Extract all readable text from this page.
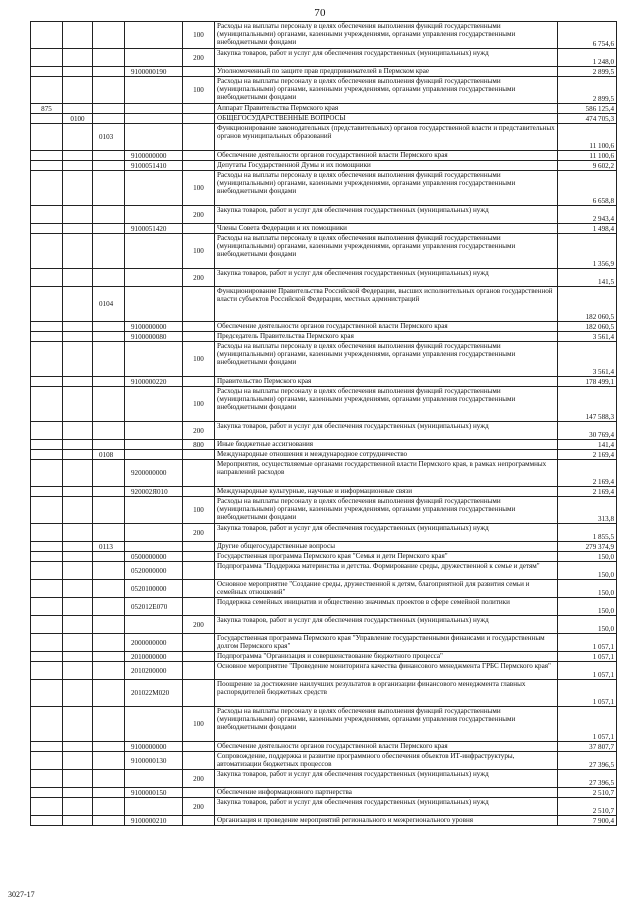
70
				100	Расходы на выплаты персоналу в целях обеспечения выполнения функций государственными (муниципальными) органами, казенными учреждениями, органами управления государственными внебюджетными фондами	6 754,6
				200	Закупка товаров, работ и услуг для обеспечения государственных (муниципальных) нужд	1 248,0
			9100000190		Уполномоченный по защите прав предпринимателей в Пермском крае	2 899,5
				100	Расходы на выплаты персоналу в целях обеспечения выполнения функций государственными (муниципальными) органами, казенными учреждениями, органами управления государственными внебюджетными фондами	2 899,5
875					Аппарат Правительства Пермского края	586 125,4
	0100				ОБЩЕГОСУДАРСТВЕННЫЕ ВОПРОСЫ	474 705,3
		0103			Функционирование законодательных (представительных) органов государственной власти и представительных органов муниципальных образований	11 100,6
			9100000000		Обеспечение деятельности органов государственной власти Пермского края	11 100,6
			9100051410		Депутаты Государственной Думы и их помощники	9 602,2
				100	Расходы на выплаты персоналу в целях обеспечения выполнения функций государственными (муниципальными) органами, казенными учреждениями, органами управления государственными внебюджетными фондами	6 658,8
				200	Закупка товаров, работ и услуг для обеспечения государственных (муниципальных) нужд	2 943,4
			9100051420		Члены Совета Федерации и их помощники	1 498,4
				100	Расходы на выплаты персоналу в целях обеспечения выполнения функций государственными (муниципальными) органами, казенными учреждениями, органами управления государственными внебюджетными фондами	1 356,9
				200	Закупка товаров, работ и услуг для обеспечения государственных (муниципальных) нужд	141,5
		0104			Функционирование Правительства Российской Федерации, высших исполнительных органов государственной власти субъектов Российской Федерации, местных администраций	182 060,5
			9100000000		Обеспечение деятельности органов государственной власти Пермского края	182 060,5
			9100000080		Председатель Правительства Пермского края	3 561,4
				100	Расходы на выплаты персоналу в целях обеспечения выполнения функций государственными (муниципальными) органами, казенными учреждениями, органами управления государственными внебюджетными фондами	3 561,4
			9100000220		Правительство Пермского края	178 499,1
				100	Расходы на выплаты персоналу в целях обеспечения выполнения функций государственными (муниципальными) органами, казенными учреждениями, органами управления государственными внебюджетными фондами	147 588,3
				200	Закупка товаров, работ и услуг для обеспечения государственных (муниципальных) нужд	30 769,4
				800	Иные бюджетные ассигнования	141,4
		0108			Международные отношения и международное сотрудничество	2 169,4
			9200000000		Мероприятия, осуществляемые органами государственной власти Пермского края, в рамках непрограммных направлений расходов	2 169,4
			920002Я010		Международные культурные, научные и информационные связи	2 169,4
				100	Расходы на выплаты персоналу в целях обеспечения выполнения функций государственными (муниципальными) органами, казенными учреждениями, органами управления государственными внебюджетными фондами	313,8
				200	Закупка товаров, работ и услуг для обеспечения государственных (муниципальных) нужд	1 855,5
		0113			Другие общегосударственные вопросы	279 374,9
			0500000000		Государственная программа Пермского края "Семья и дети Пермского края"	150,0
			0520000000		Подпрограмма "Поддержка материнства и детства. Формирование среды, дружественной к семье и детям"	150,0
			0520100000		Основное мероприятие "Создание среды, дружественной к детям, благоприятной для развития семьи и семейных отношений"	150,0
			052012Е070		Поддержка семейных инициатив и общественно значимых проектов в сфере семейной политики	150,0
				200	Закупка товаров, работ и услуг для обеспечения государственных (муниципальных) нужд	150,0
			2000000000		Государственная программа Пермского края "Управление государственными финансами и государственным долгом Пермского края"	1 057,1
			2010000000		Подпрограмма "Организация и совершенствование бюджетного процесса"	1 057,1
			2010200000		Основное мероприятие "Проведение мониторинга качества финансового менеджмента ГРБС Пермского края"	1 057,1
			201022М020		Поощрение за достижение наилучших результатов в организации финансового менеджмента главных распорядителей бюджетных средств	1 057,1
				100	Расходы на выплаты персоналу в целях обеспечения выполнения функций государственными (муниципальными) органами, казенными учреждениями, органами управления государственными внебюджетными фондами	1 057,1
			9100000000		Обеспечение деятельности органов государственной власти Пермского края	37 807,7
			9100000130		Сопровождение, поддержка и развитие программного обеспечения объектов ИТ-инфраструктуры, автоматизации бюджетных процессов	27 396,5
				200	Закупка товаров, работ и услуг для обеспечения государственных (муниципальных) нужд	27 396,5
			9100000150		Обеспечение информационного партнерства	2 510,7
				200	Закупка товаров, работ и услуг для обеспечения государственных (муниципальных) нужд	2 510,7
			9100000210		Организация и проведение мероприятий регионального и межрегионального уровня	7 900,4
3027-17
